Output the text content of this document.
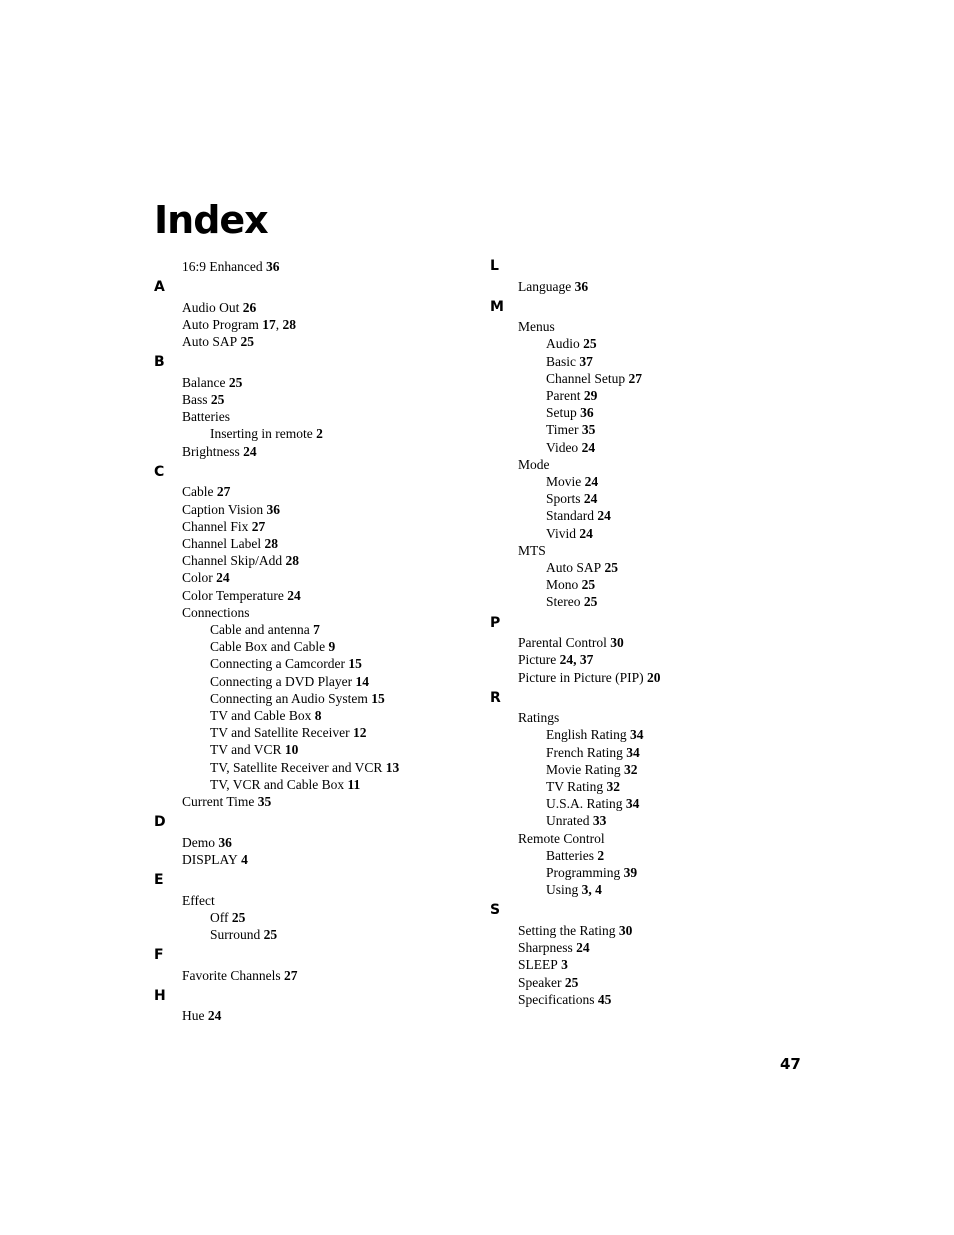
Index
16:9 Enhanced 36
A
Audio Out 26
Auto Program 17, 28
Auto SAP 25
B
Balance 25
Bass 25
Batteries
Inserting in remote 2
Brightness 24
C
Cable 27
Caption Vision 36
Channel Fix 27
Channel Label 28
Channel Skip/Add 28
Color 24
Color Temperature 24
Connections
Cable and antenna 7
Cable Box and Cable 9
Connecting a Camcorder 15
Connecting a DVD Player 14
Connecting an Audio System 15
TV and Cable Box 8
TV and Satellite Receiver 12
TV and VCR 10
TV, Satellite Receiver and VCR 13
TV, VCR and Cable Box 11
Current Time 35
D
Demo 36
DISPLAY 4
E
Effect
Off 25
Surround 25
F
Favorite Channels 27
H
Hue 24
L
Language 36
M
Menus
Audio 25
Basic 37
Channel Setup 27
Parent 29
Setup 36
Timer 35
Video 24
Mode
Movie 24
Sports 24
Standard 24
Vivid 24
MTS
Auto SAP 25
Mono 25
Stereo 25
P
Parental Control 30
Picture 24, 37
Picture in Picture (PIP) 20
R
Ratings
English Rating 34
French Rating 34
Movie Rating 32
TV Rating 32
U.S.A. Rating 34
Unrated 33
Remote Control
Batteries 2
Programming 39
Using 3, 4
S
Setting the Rating 30
Sharpness 24
SLEEP 3
Speaker 25
Specifications 45
47
